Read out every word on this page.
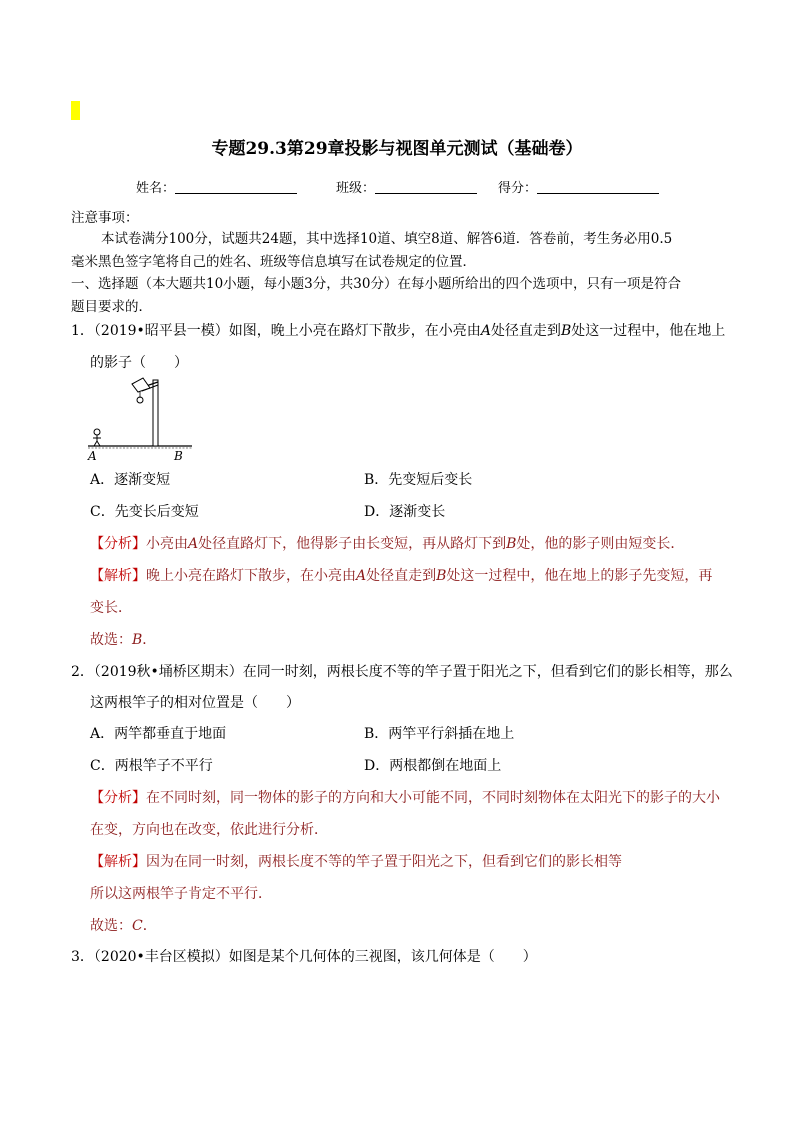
专题29.3第29章投影与视图单元测试（基础卷）
姓名：	班级：	得分：
注意事项：
本试卷满分100分，试题共24题，其中选择10道、填空8道、解答6道．答卷前，考生务必用0.5
毫米黑色签字笔将自己的姓名、班级等信息填写在试卷规定的位置．
一、选择题（本大题共10小题，每小题3分，共30分）在每小题所给出的四个选项中，只有一项是符合
题目要求的．
1．（2019•昭平县一模）如图，晚上小亮在路灯下散步，在小亮由A处径直走到B处这一过程中，他在地上
的影子（　　）
A	B
A．逐渐变短	B．先变短后变长
C．先变长后变短	D．逐渐变长
【分析】小亮由A处径直路灯下，他得影子由长变短，再从路灯下到B处，他的影子则由短变长．
【解析】晚上小亮在路灯下散步，在小亮由A处径直走到B处这一过程中，他在地上的影子先变短，再
变长．
故选：B．
2．（2019秋•埇桥区期末）在同一时刻，两根长度不等的竿子置于阳光之下，但看到它们的影长相等，那么
这两根竿子的相对位置是（　　）
A．两竿都垂直于地面	B．两竿平行斜插在地上
C．两根竿子不平行	D．两根都倒在地面上
【分析】在不同时刻，同一物体的影子的方向和大小可能不同，不同时刻物体在太阳光下的影子的大小
在变，方向也在改变，依此进行分析．
【解析】因为在同一时刻，两根长度不等的竿子置于阳光之下，但看到它们的影长相等
所以这两根竿子肯定不平行．
故选：C．
3．（2020•丰台区模拟）如图是某个几何体的三视图，该几何体是（　　）
